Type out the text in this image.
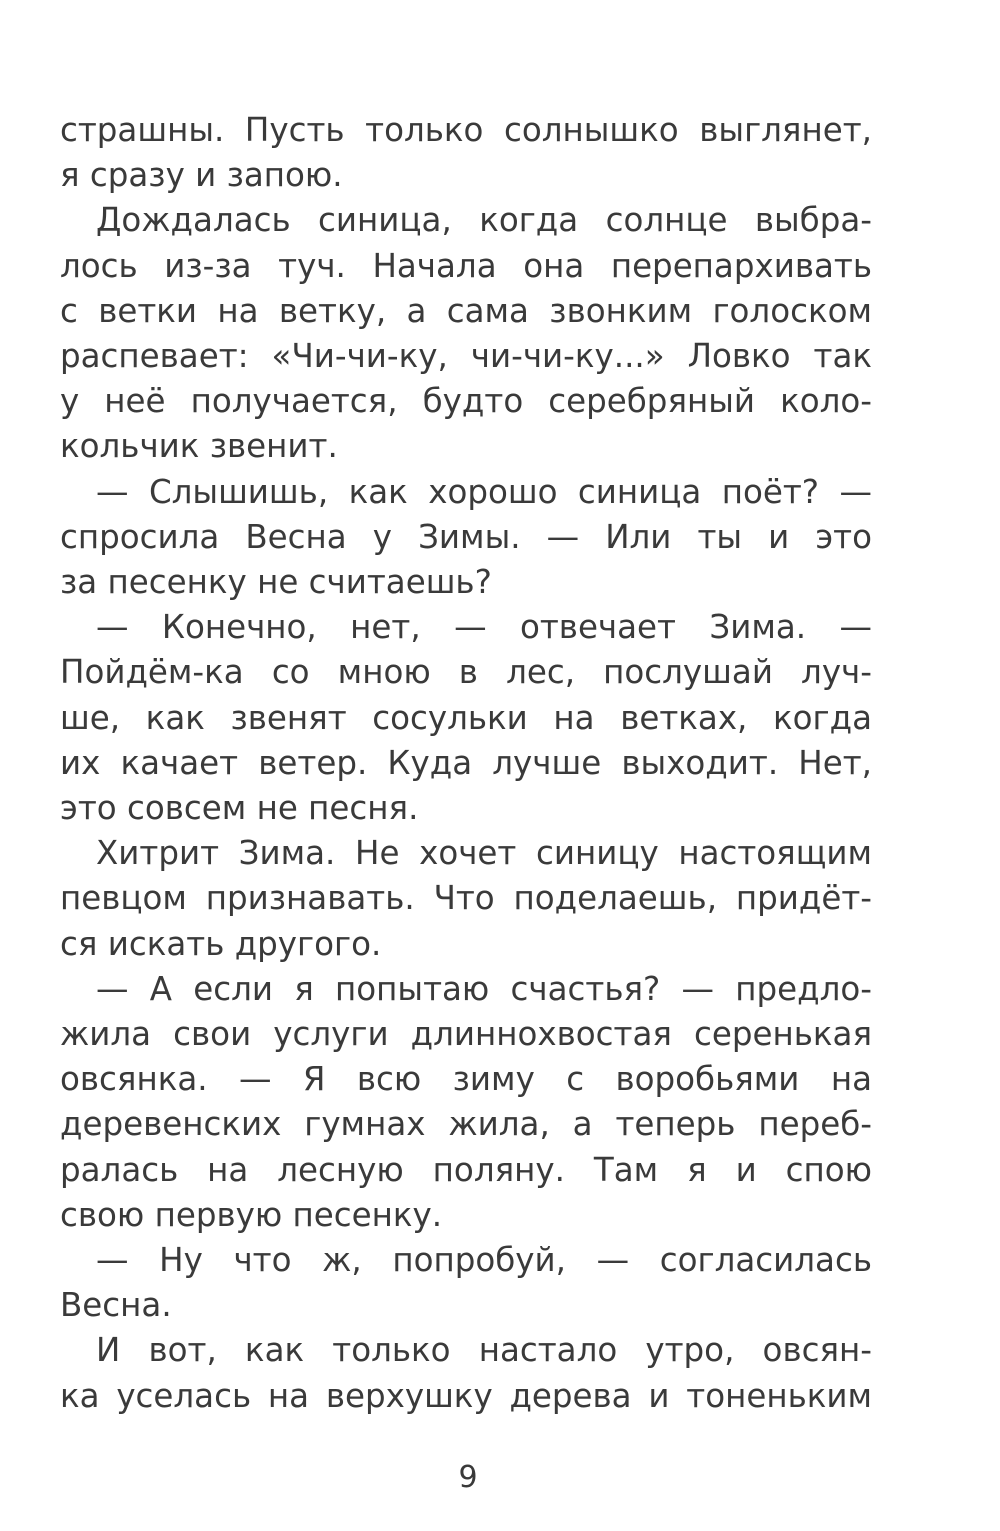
страшны. Пусть только солнышко выглянет,
я сразу и запою.
Дождалась синица, когда солнце выбра-
лось из-за туч. Начала она перепархивать
с ветки на ветку, а сама звонким голоском
распевает: «Чи-чи-ку, чи-чи-ку...» Ловко так
у неё получается, будто серебряный коло-
кольчик звенит.
— Слышишь, как хорошо синица поёт? —
спросила Весна у Зимы. — Или ты и это
за песенку не считаешь?
— Конечно, нет, — отвечает Зима. —
Пойдём-ка со мною в лес, послушай луч-
ше, как звенят сосульки на ветках, когда
их качает ветер. Куда лучше выходит. Нет,
это совсем не песня.
Хитрит Зима. Не хочет синицу настоящим
певцом признавать. Что поделаешь, придёт-
ся искать другого.
— А если я попытаю счастья? — предло-
жила свои услуги длиннохвостая серенькая
овсянка. — Я всю зиму с воробьями на
деревенских гумнах жила, а теперь переб-
ралась на лесную поляну. Там я и спою
свою первую песенку.
— Ну что ж, попробуй, — согласилась
Весна.
И вот, как только настало утро, овсян-
ка уселась на верхушку дерева и тоненьким
9
